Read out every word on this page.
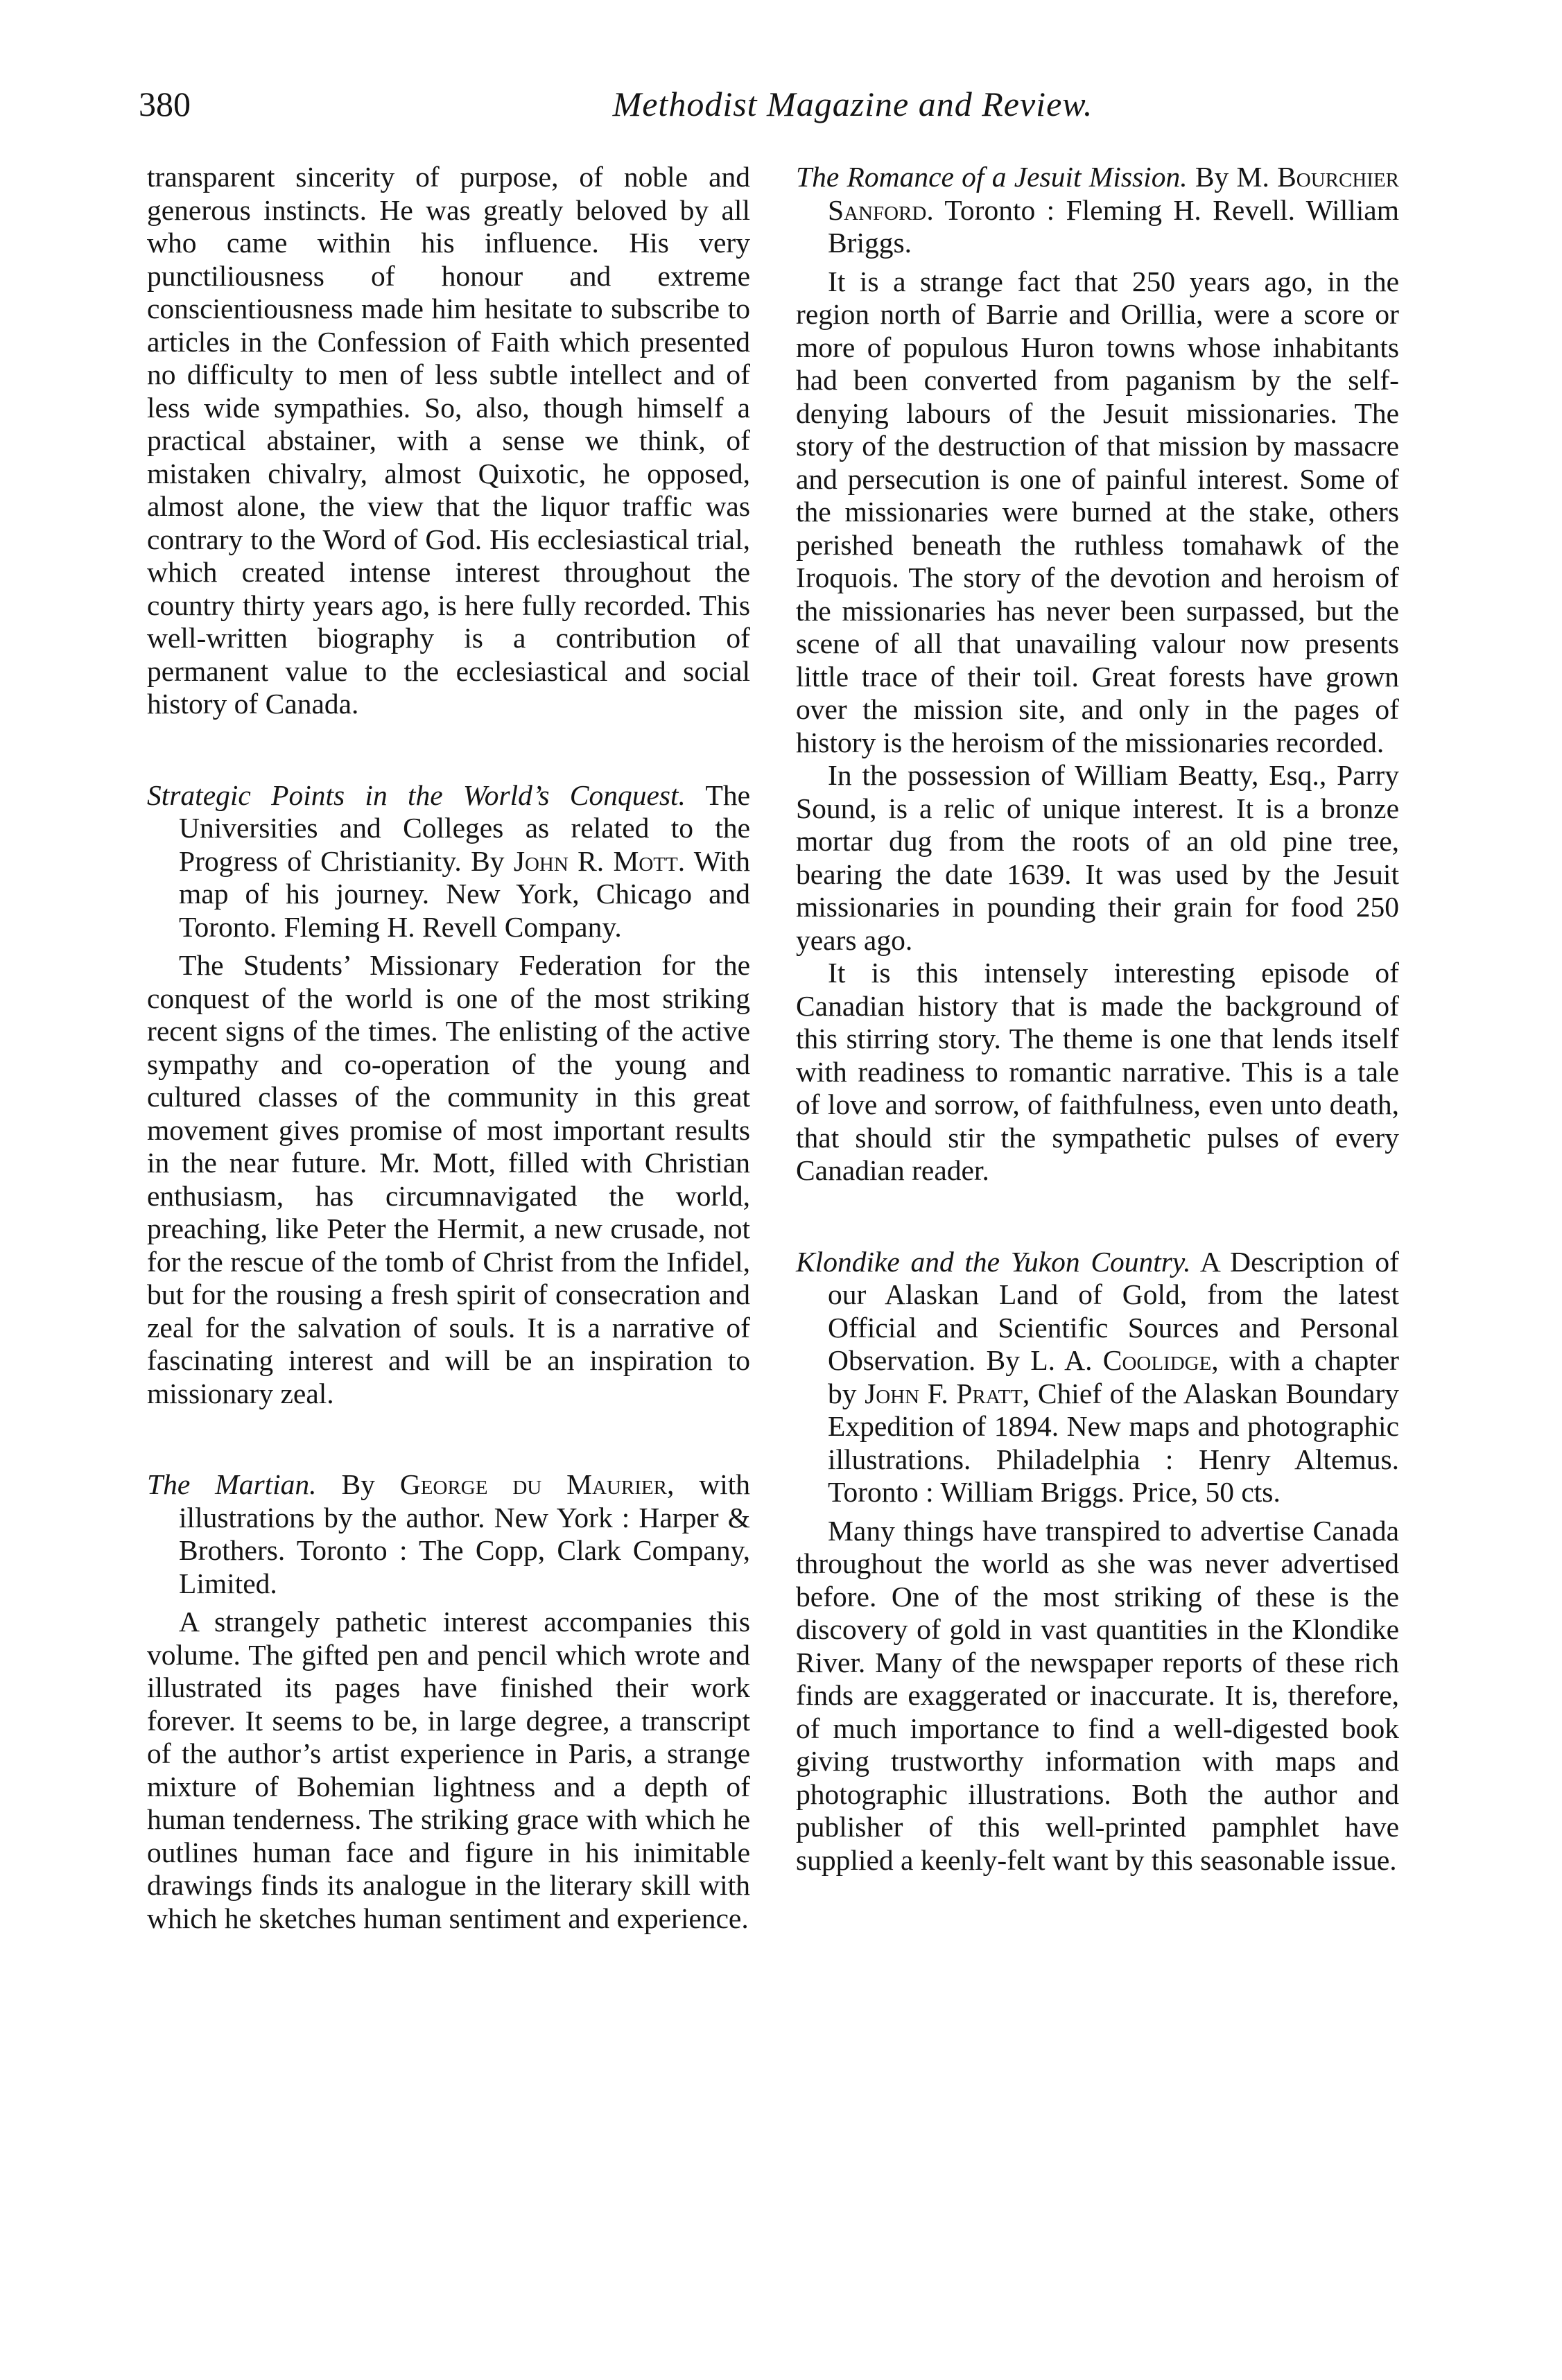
380	Methodist Magazine and Review.

transparent sincerity of purpose, of noble and generous instincts. He was greatly beloved by all who came within his influence. His very punctiliousness of honour and extreme conscientiousness made him hesitate to subscribe to articles in the Confession of Faith which presented no difficulty to men of less subtle intellect and of less wide sympathies. So, also, though himself a practical abstainer, with a sense we think, of mistaken chivalry, almost Quixotic, he opposed, almost alone, the view that the liquor traffic was contrary to the Word of God. His ecclesiastical trial, which created intense interest throughout the country thirty years ago, is here fully recorded. This well-written biography is a contribution of permanent value to the ecclesiastical and social history of Canada.

Strategic Points in the World’s Conquest. The Universities and Colleges as related to the Progress of Christianity. By John R. Mott. With map of his journey. New York, Chicago and Toronto. Fleming H. Revell Company.

The Students’ Missionary Federation for the conquest of the world is one of the most striking recent signs of the times. The enlisting of the active sympathy and co-operation of the young and cultured classes of the community in this great movement gives promise of most important results in the near future. Mr. Mott, filled with Christian enthusiasm, has circumnavigated the world, preaching, like Peter the Hermit, a new crusade, not for the rescue of the tomb of Christ from the Infidel, but for the rousing a fresh spirit of consecration and zeal for the salvation of souls. It is a narrative of fascinating interest and will be an inspiration to missionary zeal.

The Martian. By George du Maurier, with illustrations by the author. New York : Harper & Brothers. Toronto : The Copp, Clark Company, Limited.

A strangely pathetic interest accompanies this volume. The gifted pen and pencil which wrote and illustrated its pages have finished their work forever. It seems to be, in large degree, a transcript of the author’s artist experience in Paris, a strange mixture of Bohemian lightness and a depth of human tenderness. The striking grace with which he outlines human face and figure in his inimitable drawings finds its analogue in the literary skill with which he sketches human sentiment and experience.

The Romance of a Jesuit Mission. By M. Bourchier Sanford. Toronto : Fleming H. Revell. William Briggs.

It is a strange fact that 250 years ago, in the region north of Barrie and Orillia, were a score or more of populous Huron towns whose inhabitants had been converted from paganism by the self-denying labours of the Jesuit missionaries. The story of the destruction of that mission by massacre and persecution is one of painful interest. Some of the missionaries were burned at the stake, others perished beneath the ruthless tomahawk of the Iroquois. The story of the devotion and heroism of the missionaries has never been surpassed, but the scene of all that unavailing valour now presents little trace of their toil. Great forests have grown over the mission site, and only in the pages of history is the heroism of the missionaries recorded.

In the possession of William Beatty, Esq., Parry Sound, is a relic of unique interest. It is a bronze mortar dug from the roots of an old pine tree, bearing the date 1639. It was used by the Jesuit missionaries in pounding their grain for food 250 years ago.

It is this intensely interesting episode of Canadian history that is made the background of this stirring story. The theme is one that lends itself with readiness to romantic narrative. This is a tale of love and sorrow, of faithfulness, even unto death, that should stir the sympathetic pulses of every Canadian reader.

Klondike and the Yukon Country. A Description of our Alaskan Land of Gold, from the latest Official and Scientific Sources and Personal Observation. By L. A. Coolidge, with a chapter by John F. Pratt, Chief of the Alaskan Boundary Expedition of 1894. New maps and photographic illustrations. Philadelphia : Henry Altemus. Toronto : William Briggs. Price, 50 cts.

Many things have transpired to advertise Canada throughout the world as she was never advertised before. One of the most striking of these is the discovery of gold in vast quantities in the Klondike River. Many of the newspaper reports of these rich finds are exaggerated or inaccurate. It is, therefore, of much importance to find a well-digested book giving trustworthy information with maps and photographic illustrations. Both the author and publisher of this well-printed pamphlet have supplied a keenly-felt want by this seasonable issue.
